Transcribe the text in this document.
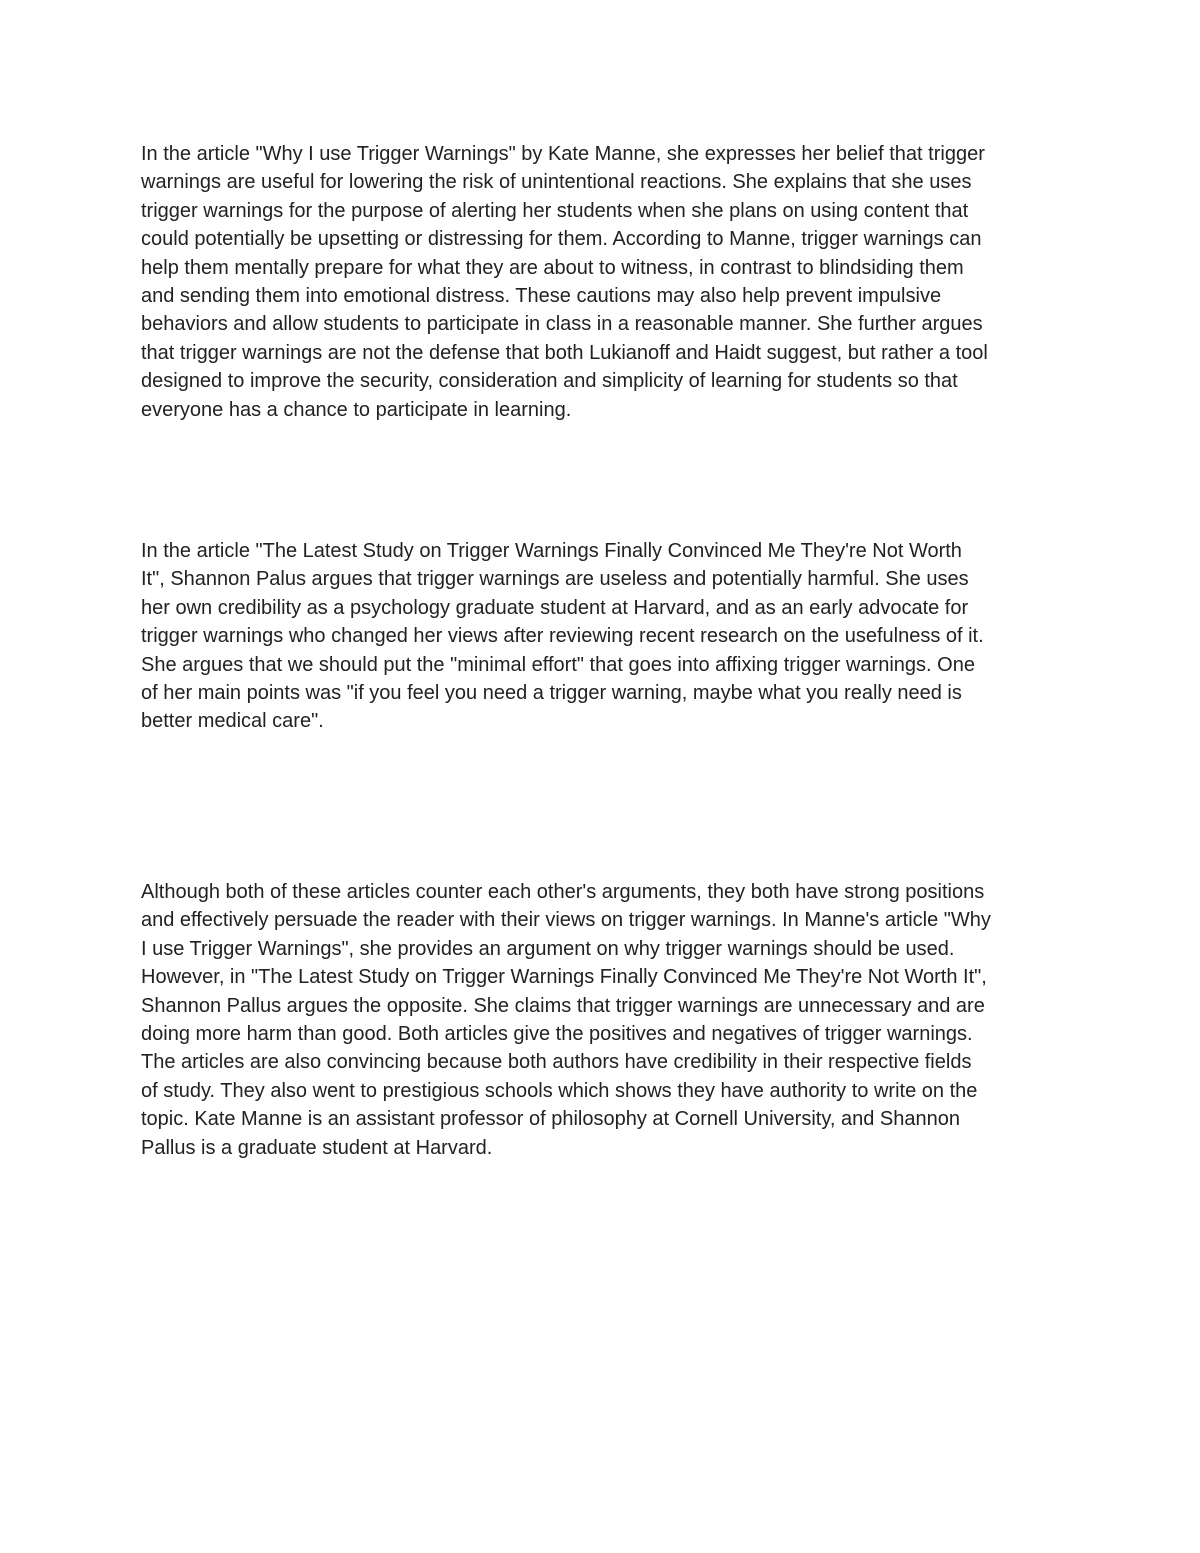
In the article "Why I use Trigger Warnings" by Kate Manne, she expresses her belief that trigger
warnings are useful for lowering the risk of unintentional reactions. She explains that she uses
trigger warnings for the purpose of alerting her students when she plans on using content that
could potentially be upsetting or distressing for them. According to Manne, trigger warnings can
help them mentally prepare for what they are about to witness, in contrast to blindsiding them
and sending them into emotional distress. These cautions may also help prevent impulsive
behaviors and allow students to participate in class in a reasonable manner. She further argues
that trigger warnings are not the defense that both Lukianoff and Haidt suggest, but rather a tool
designed to improve the security, consideration and simplicity of learning for students so that
everyone has a chance to participate in learning.

In the article "The Latest Study on Trigger Warnings Finally Convinced Me They're Not Worth
It", Shannon Palus argues that trigger warnings are useless and potentially harmful. She uses
her own credibility as a psychology graduate student at Harvard, and as an early advocate for
trigger warnings who changed her views after reviewing recent research on the usefulness of it.
She argues that we should put the "minimal effort" that goes into affixing trigger warnings. One
of her main points was "if you feel you need a trigger warning, maybe what you really need is
better medical care".

Although both of these articles counter each other's arguments, they both have strong positions
and effectively persuade the reader with their views on trigger warnings. In Manne's article "Why
I use Trigger Warnings", she provides an argument on why trigger warnings should be used.
However, in "The Latest Study on Trigger Warnings Finally Convinced Me They're Not Worth It",
Shannon Pallus argues the opposite. She claims that trigger warnings are unnecessary and are
doing more harm than good. Both articles give the positives and negatives of trigger warnings.
The articles are also convincing because both authors have credibility in their respective fields
of study. They also went to prestigious schools which shows they have authority to write on the
topic. Kate Manne is an assistant professor of philosophy at Cornell University, and Shannon
Pallus is a graduate student at Harvard.
